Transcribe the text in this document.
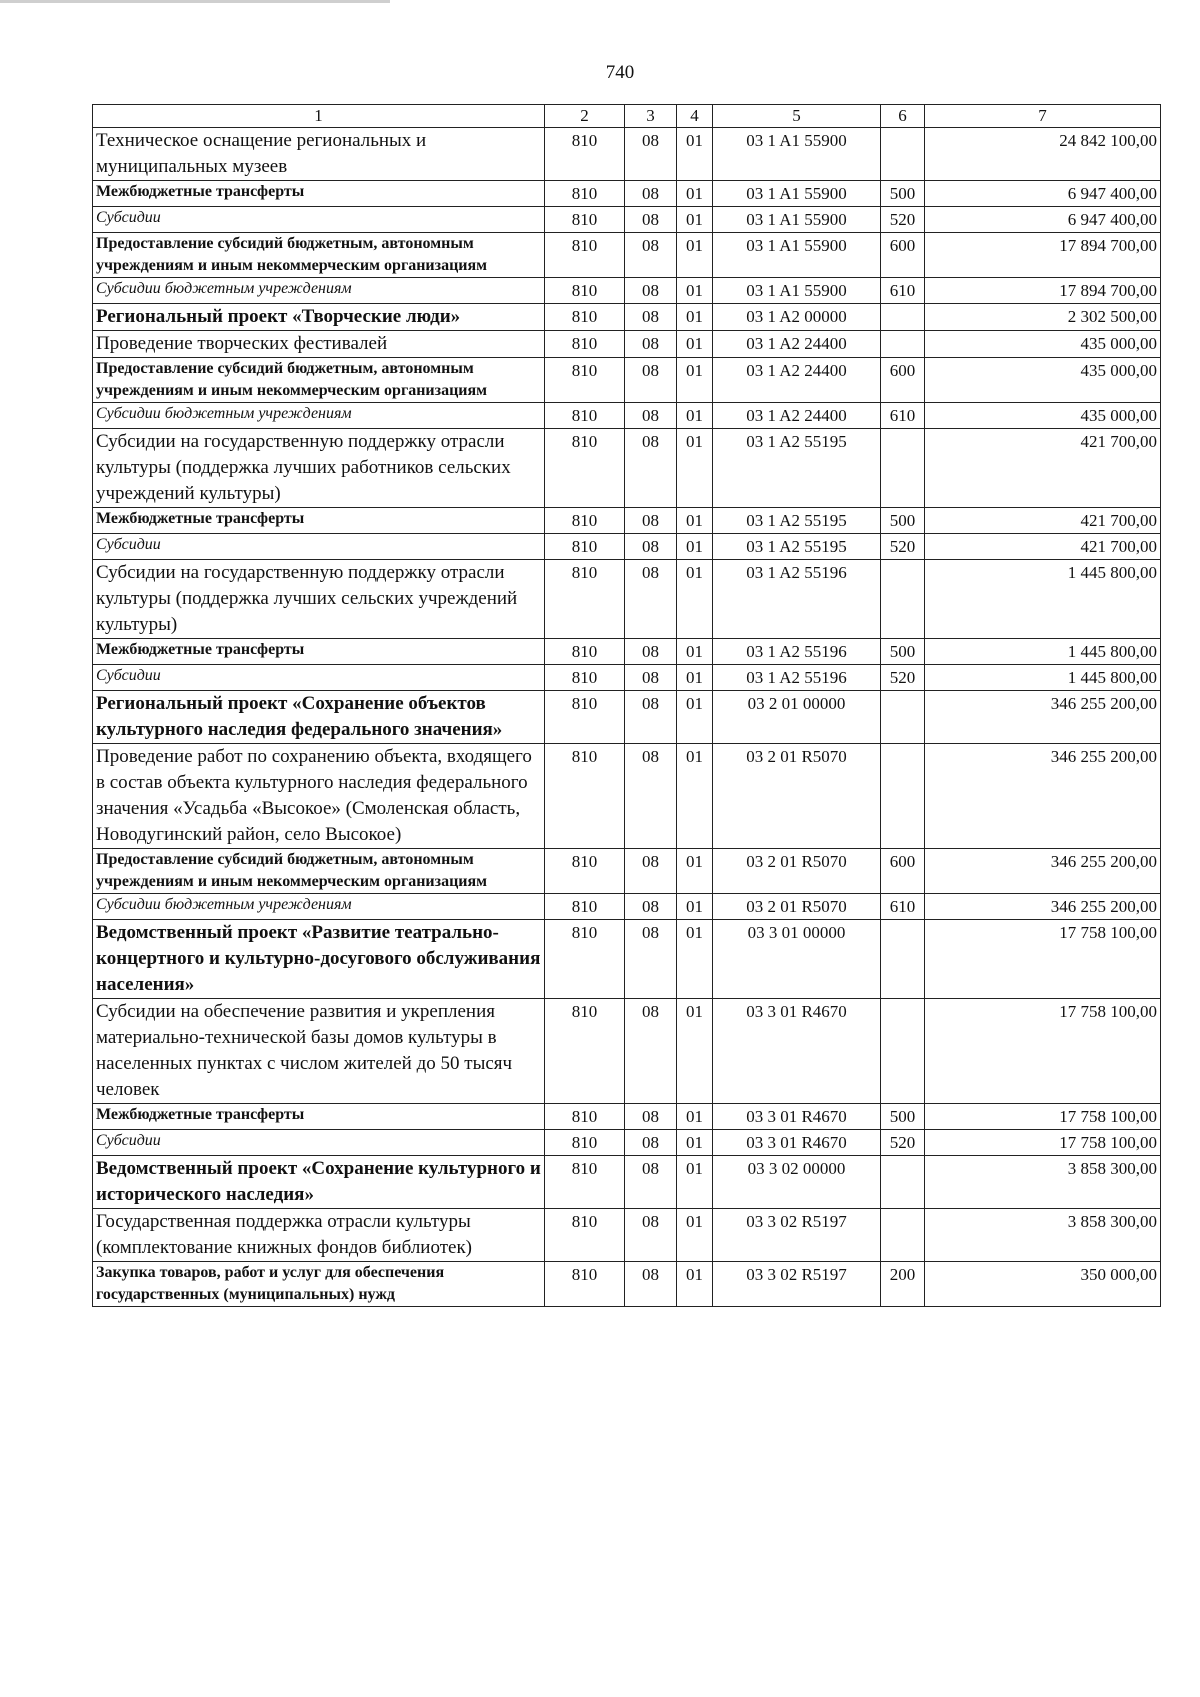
740
1	2	3	4	5	6	7
Техническое оснащение региональных и муниципальных музеев	810	08	01	03 1 A1 55900		24 842 100,00
Межбюджетные трансферты	810	08	01	03 1 A1 55900	500	6 947 400,00
Субсидии	810	08	01	03 1 A1 55900	520	6 947 400,00
Предоставление субсидий бюджетным, автономным учреждениям и иным некоммерческим организациям	810	08	01	03 1 A1 55900	600	17 894 700,00
Субсидии бюджетным учреждениям	810	08	01	03 1 A1 55900	610	17 894 700,00
Региональный проект «Творческие люди»	810	08	01	03 1 A2 00000		2 302 500,00
Проведение творческих фестивалей	810	08	01	03 1 A2 24400		435 000,00
Предоставление субсидий бюджетным, автономным учреждениям и иным некоммерческим организациям	810	08	01	03 1 A2 24400	600	435 000,00
Субсидии бюджетным учреждениям	810	08	01	03 1 A2 24400	610	435 000,00
Субсидии на государственную поддержку отрасли культуры (поддержка лучших работников сельских учреждений культуры)	810	08	01	03 1 A2 55195		421 700,00
Межбюджетные трансферты	810	08	01	03 1 A2 55195	500	421 700,00
Субсидии	810	08	01	03 1 A2 55195	520	421 700,00
Субсидии на государственную поддержку отрасли культуры (поддержка лучших сельских учреждений культуры)	810	08	01	03 1 A2 55196		1 445 800,00
Межбюджетные трансферты	810	08	01	03 1 A2 55196	500	1 445 800,00
Субсидии	810	08	01	03 1 A2 55196	520	1 445 800,00
Региональный проект «Сохранение объектов культурного наследия федерального значения»	810	08	01	03 2 01 00000		346 255 200,00
Проведение работ по сохранению объекта, входящего в состав объекта культурного наследия федерального значения «Усадьба «Высокое» (Смоленская область, Новодугинский район, село Высокое)	810	08	01	03 2 01 R5070		346 255 200,00
Предоставление субсидий бюджетным, автономным учреждениям и иным некоммерческим организациям	810	08	01	03 2 01 R5070	600	346 255 200,00
Субсидии бюджетным учреждениям	810	08	01	03 2 01 R5070	610	346 255 200,00
Ведомственный проект «Развитие театрально-концертного и культурно-досугового обслуживания населения»	810	08	01	03 3 01 00000		17 758 100,00
Субсидии на обеспечение развития и укрепления материально-технической базы домов культуры в населенных пунктах с числом жителей до 50 тысяч человек	810	08	01	03 3 01 R4670		17 758 100,00
Межбюджетные трансферты	810	08	01	03 3 01 R4670	500	17 758 100,00
Субсидии	810	08	01	03 3 01 R4670	520	17 758 100,00
Ведомственный проект «Сохранение культурного и исторического наследия»	810	08	01	03 3 02 00000		3 858 300,00
Государственная поддержка отрасли культуры (комплектование книжных фондов библиотек)	810	08	01	03 3 02 R5197		3 858 300,00
Закупка товаров, работ и услуг для обеспечения государственных (муниципальных) нужд	810	08	01	03 3 02 R5197	200	350 000,00
